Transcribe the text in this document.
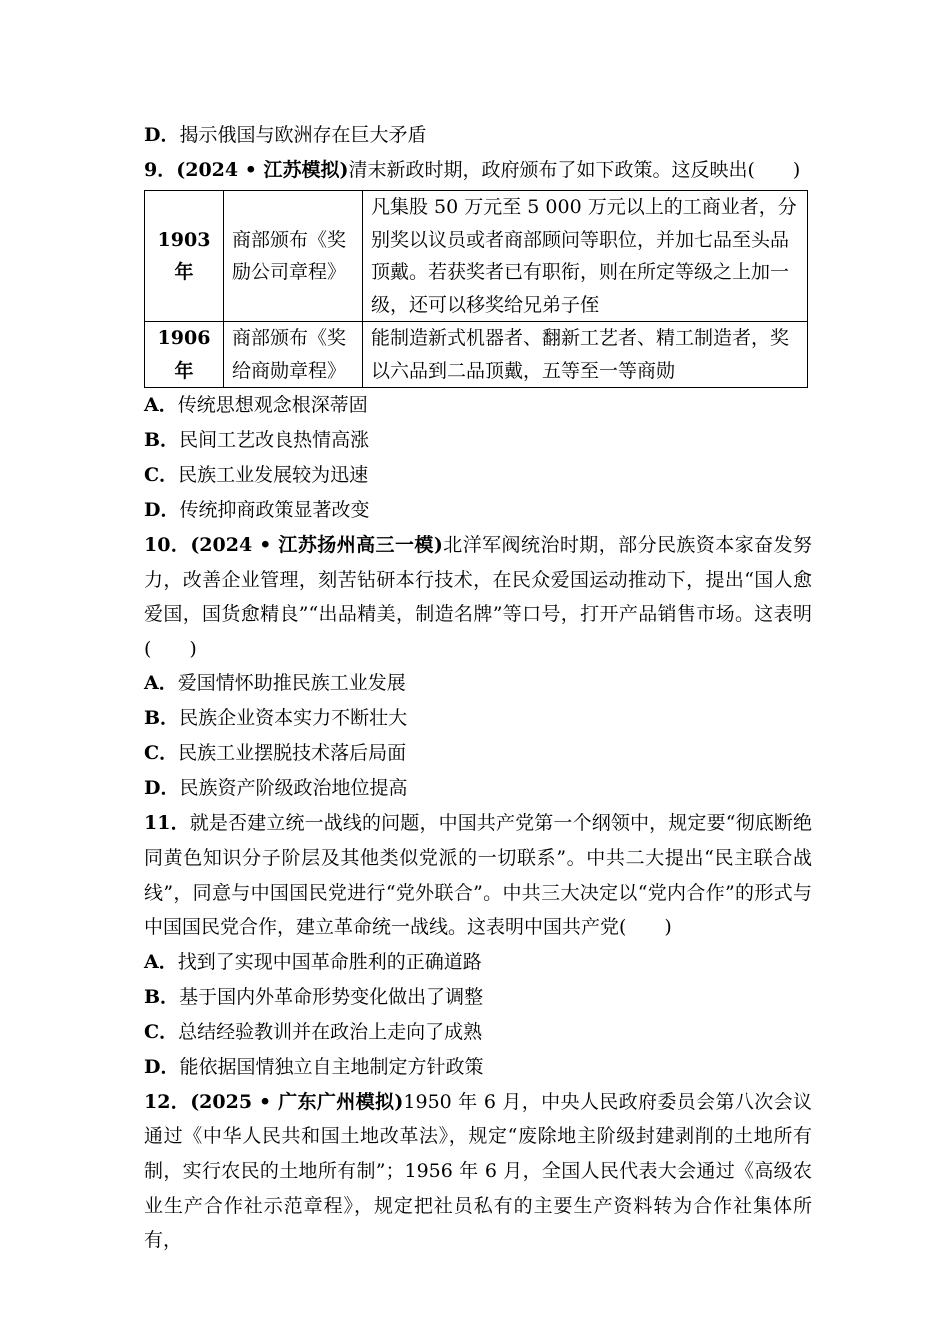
D．揭示俄国与欧洲存在巨大矛盾
9．(2024 • 江苏模拟)清末新政时期，政府颁布了如下政策。这反映出(　　)
1903 年	商部颁布《奖励公司章程》	凡集股 50 万元至 5 000 万元以上的工商业者，分别奖以议员或者商部顾问等职位，并加七品至头品顶戴。若获奖者已有职衔，则在所定等级之上加一级，还可以移奖给兄弟子侄
1906 年	商部颁布《奖给商勋章程》	能制造新式机器者、翻新工艺者、精工制造者，奖以六品到二品顶戴，五等至一等商勋
A．传统思想观念根深蒂固
B．民间工艺改良热情高涨
C．民族工业发展较为迅速
D．传统抑商政策显著改变
10．(2024 • 江苏扬州高三一模)北洋军阀统治时期，部分民族资本家奋发努力，改善企业管理，刻苦钻研本行技术，在民众爱国运动推动下，提出“国人愈爱国，国货愈精良”“出品精美，制造名牌”等口号，打开产品销售市场。这表明(　　)
A．爱国情怀助推民族工业发展
B．民族企业资本实力不断壮大
C．民族工业摆脱技术落后局面
D．民族资产阶级政治地位提高
11．就是否建立统一战线的问题，中国共产党第一个纲领中，规定要“彻底断绝同黄色知识分子阶层及其他类似党派的一切联系”。中共二大提出“民主联合战线”，同意与中国国民党进行“党外联合”。中共三大决定以“党内合作”的形式与中国国民党合作，建立革命统一战线。这表明中国共产党(　　)
A．找到了实现中国革命胜利的正确道路
B．基于国内外革命形势变化做出了调整
C．总结经验教训并在政治上走向了成熟
D．能依据国情独立自主地制定方针政策
12．(2025 • 广东广州模拟)1950 年 6 月，中央人民政府委员会第八次会议通过《中华人民共和国土地改革法》，规定“废除地主阶级封建剥削的土地所有制，实行农民的土地所有制”；1956 年 6 月，全国人民代表大会通过《高级农业生产合作社示范章程》，规定把社员私有的主要生产资料转为合作社集体所有，
